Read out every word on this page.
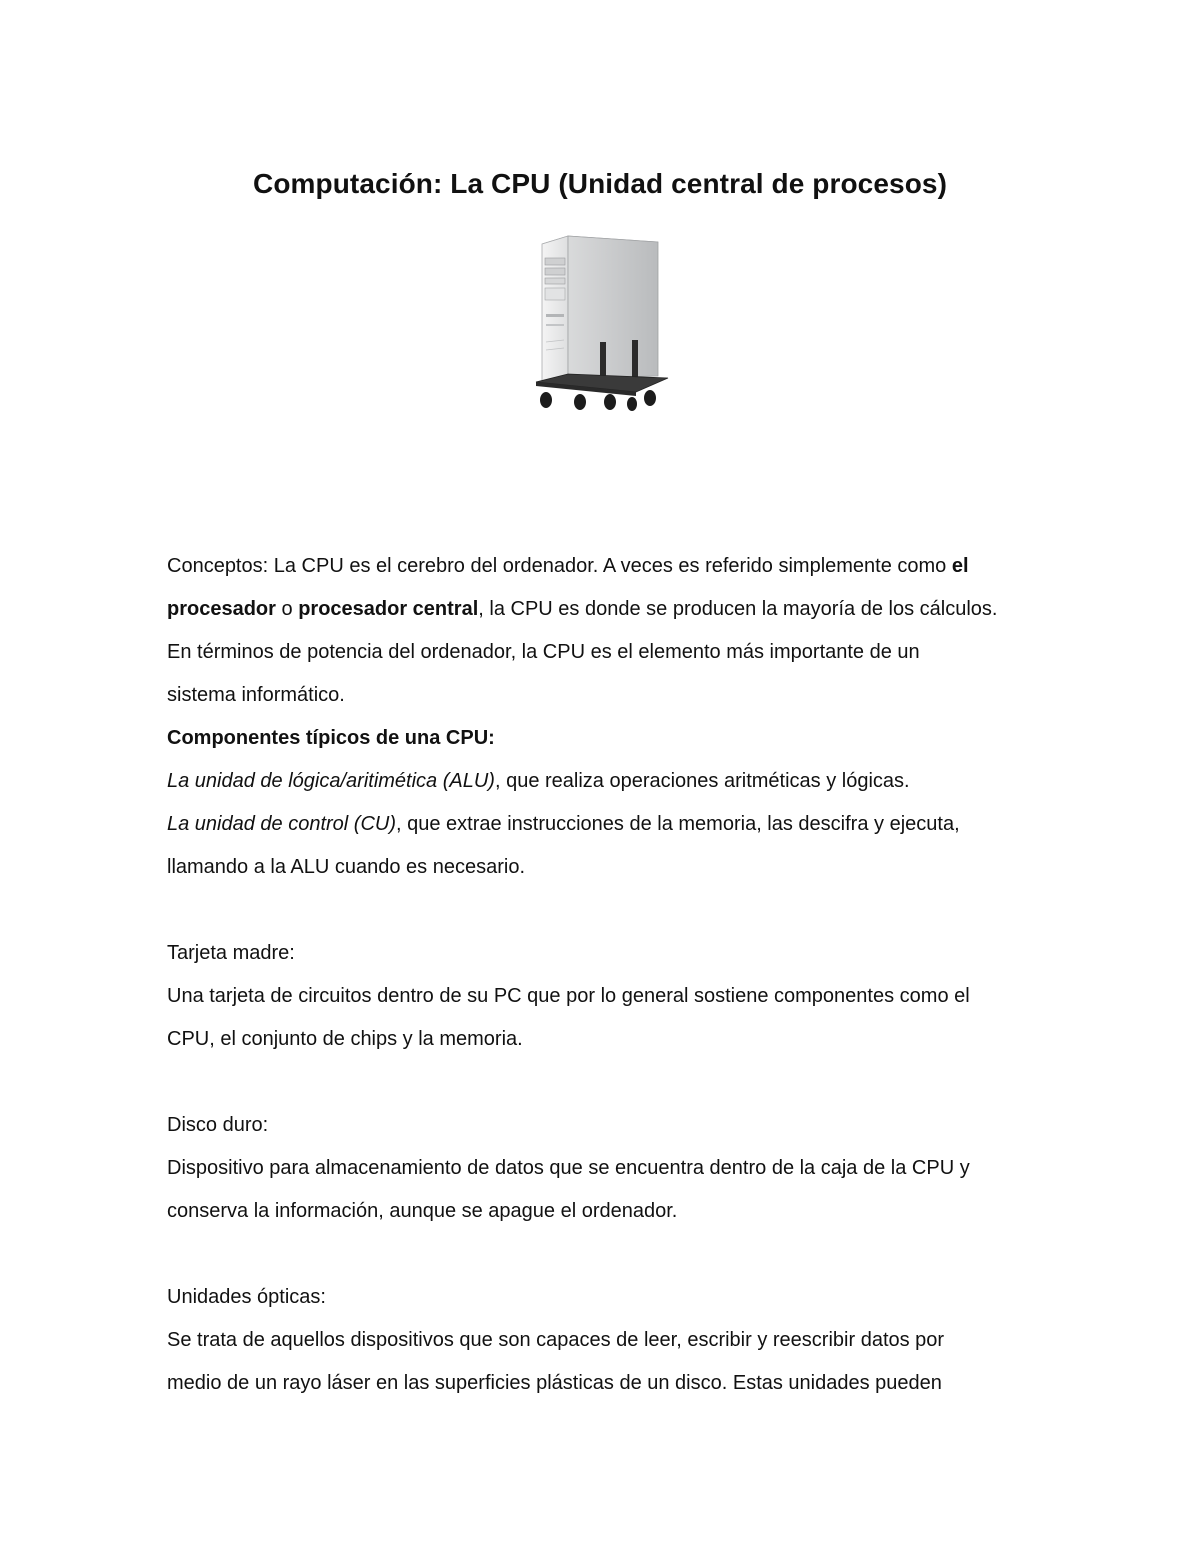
Computación: La CPU (Unidad central de procesos)
Conceptos: La CPU es el cerebro del ordenador. A veces es referido simplemente como el
procesador o procesador central, la CPU es donde se producen la mayoría de los cálculos.
En términos de potencia del ordenador, la CPU es el elemento más importante de un
sistema informático.
Componentes típicos de una CPU:
La unidad de lógica/aritimética (ALU), que realiza operaciones aritméticas y lógicas.
La unidad de control (CU), que extrae instrucciones de la memoria, las descifra y ejecuta,
llamando a la ALU cuando es necesario.
Tarjeta madre:
Una tarjeta de circuitos dentro de su PC que por lo general sostiene componentes como el
CPU, el conjunto de chips y la memoria.
Disco duro:
Dispositivo para almacenamiento de datos que se encuentra dentro de la caja de la CPU y
conserva la información, aunque se apague el ordenador.
Unidades ópticas:
Se trata de aquellos dispositivos que son capaces de leer, escribir y reescribir datos por
medio de un rayo láser en las superficies plásticas de un disco. Estas unidades pueden
